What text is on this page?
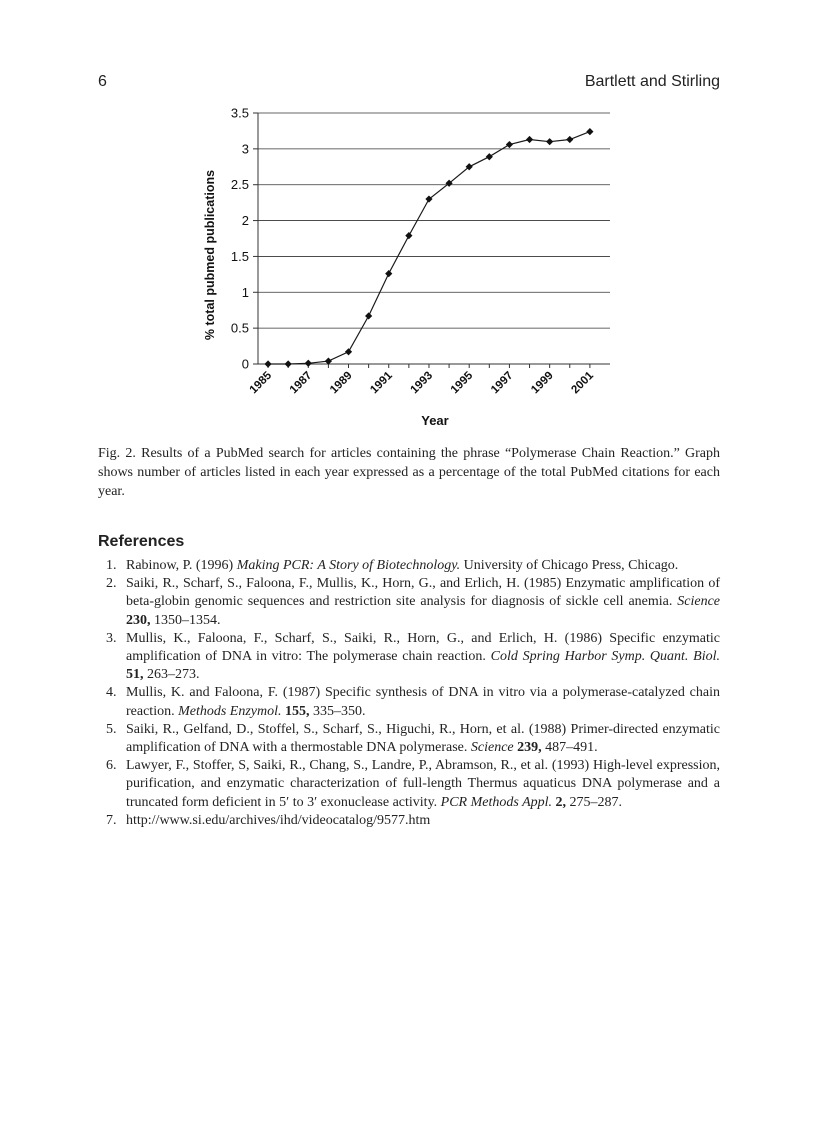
6	Bartlett and Stirling
0
0.5
1
1.5
2
2.5
3
3.5
1985 1987 1989 1991 1993 1995 1997 1999 2001
% total pubmed publications
Year
Fig. 2. Results of a PubMed search for articles containing the phrase “Polymerase Chain Reaction.” Graph shows number of articles listed in each year expressed as a percentage of the total PubMed citations for each year.
References
1. Rabinow, P. (1996) Making PCR: A Story of Biotechnology. University of Chicago Press, Chicago.
2. Saiki, R., Scharf, S., Faloona, F., Mullis, K., Horn, G., and Erlich, H. (1985) Enzymatic amplification of beta-globin genomic sequences and restriction site analysis for diagnosis of sickle cell anemia. Science 230, 1350–1354.
3. Mullis, K., Faloona, F., Scharf, S., Saiki, R., Horn, G., and Erlich, H. (1986) Specific enzymatic amplification of DNA in vitro: The polymerase chain reaction. Cold Spring Harbor Symp. Quant. Biol. 51, 263–273.
4. Mullis, K. and Faloona, F. (1987) Specific synthesis of DNA in vitro via a polymerase-catalyzed chain reaction. Methods Enzymol. 155, 335–350.
5. Saiki, R., Gelfand, D., Stoffel, S., Scharf, S., Higuchi, R., Horn, et al. (1988) Primer-directed enzymatic amplification of DNA with a thermostable DNA polymerase. Science 239, 487–491.
6. Lawyer, F., Stoffer, S, Saiki, R., Chang, S., Landre, P., Abramson, R., et al. (1993) High-level expression, purification, and enzymatic characterization of full-length Thermus aquaticus DNA polymerase and a truncated form deficient in 5′ to 3′ exonuclease activity. PCR Methods Appl. 2, 275–287.
7. http://www.si.edu/archives/ihd/videocatalog/9577.htm
